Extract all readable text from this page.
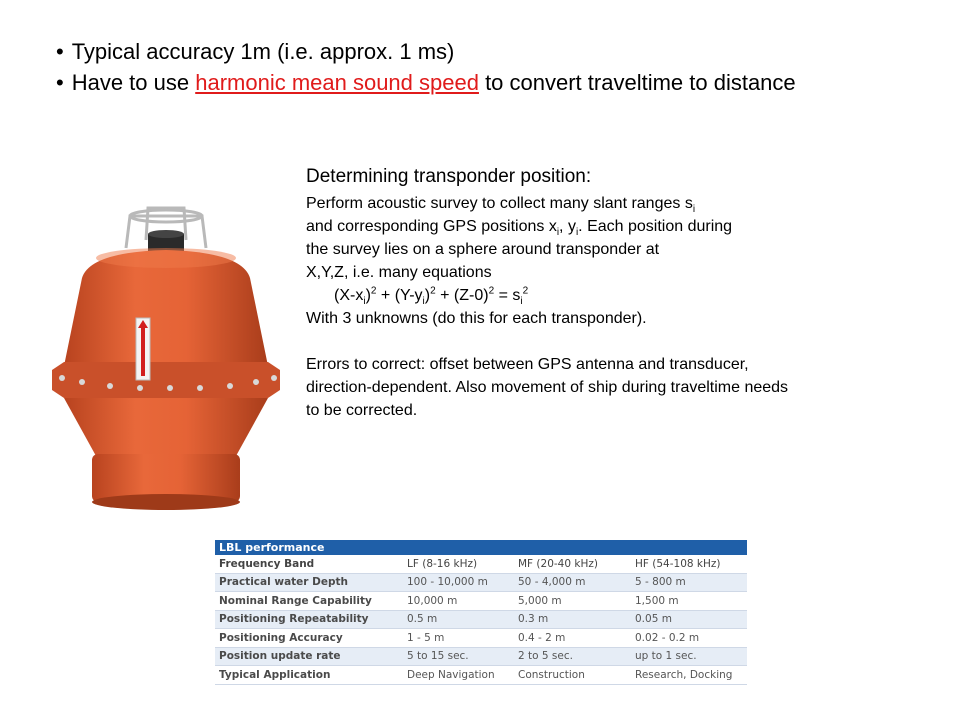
• Typical accuracy 1m (i.e. approx. 1 ms)
• Have to use harmonic mean sound speed to convert traveltime to distance
Determining transponder position:
Perform acoustic survey to collect many slant ranges $s_i$
and corresponding GPS positions $x_i$, $y_i$. Each position during
the survey lies on a sphere around transponder at
X,Y,Z, i.e. many equations
$(X-x_i)^2 + (Y-y_i)^2 + (Z-0)^2 = s_i^2$
With 3 unknowns (do this for each transponder).
Errors to correct: offset between GPS antenna and transducer,
direction-dependent. Also movement of ship during traveltime needs
to be corrected.
LBL performance			
Frequency Band	LF (8-16 kHz)	MF (20-40 kHz)	HF (54-108 kHz)
Practical water Depth	100 - 10,000 m	50 - 4,000 m	5 - 800 m
Nominal Range Capability	10,000 m	5,000 m	1,500 m
Positioning Repeatability	0.5 m	0.3 m	0.05 m
Positioning Accuracy	1 - 5 m	0.4 - 2 m	0.02 - 0.2 m
Position update rate	5 to 15 sec.	2 to 5 sec.	up to 1 sec.
Typical Application	Deep Navigation	Construction	Research, Docking
